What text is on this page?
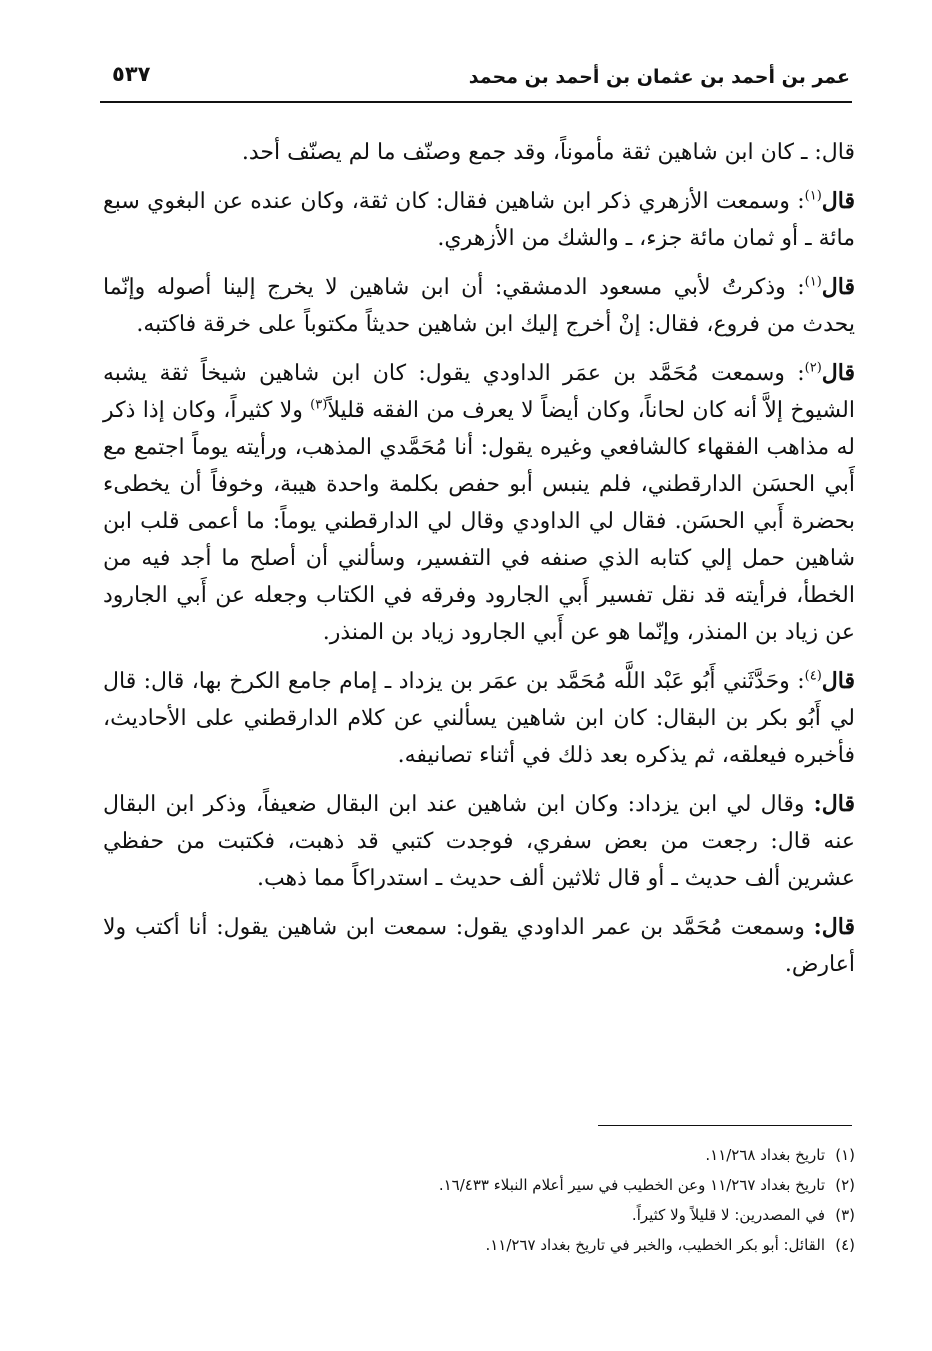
عمر بن أحمد بن عثمان بن أحمد بن محمد
٥٣٧

قال: ـ كان ابن شاهين ثقة مأموناً، وقد جمع وصنّف ما لم يصنّف أحد.

قال$^{(١)}$: وسمعت الأزهري ذكر ابن شاهين فقال: كان ثقة، وكان عنده عن البغوي سبع مائة ـ أو ثمان مائة جزء، ـ والشك من الأزهري.

قال$^{(١)}$: وذكرتُ لأبي مسعود الدمشقي: أن ابن شاهين لا يخرج إلينا أصوله وإنّما يحدث من فروع، فقال: إنْ أخرج إليك ابن شاهين حديثاً مكتوباً على خرقة فاكتبه.

قال$^{(٢)}$: وسمعت مُحَمَّد بن عمَر الداودي يقول: كان ابن شاهين شيخاً ثقة يشبه الشيوخ إلاَّ أنه كان لحاناً، وكان أيضاً لا يعرف من الفقه قليلاً$^{(٣)}$ ولا كثيراً، وكان إذا ذكر له مذاهب الفقهاء كالشافعي وغيره يقول: أنا مُحَمَّدي المذهب، ورأيته يوماً اجتمع مع أَبي الحسَن الدارقطني، فلم ينبس أبو حفص بكلمة واحدة هيبة، وخوفاً أن يخطىء بحضرة أَبي الحسَن. فقال لي الداودي وقال لي الدارقطني يوماً: ما أعمى قلب ابن شاهين حمل إلي كتابه الذي صنفه في التفسير، وسألني أن أصلح ما أجد فيه من الخطأ، فرأيته قد نقل تفسير أَبي الجارود وفرقه في الكتاب وجعله عن أَبي الجارود عن زياد بن المنذر، وإنّما هو عن أَبي الجارود زياد بن المنذر.

قال$^{(٤)}$: وحَدَّثَني أَبُو عَبْد اللَّه مُحَمَّد بن عمَر بن يزداد ـ إمام جامع الكرخ بها، قال: قال لي أَبُو بكر بن البقال: كان ابن شاهين يسألني عن كلام الدارقطني على الأحاديث، فأخبره فيعلقه، ثم يذكره بعد ذلك في أثناء تصانيفه.

قال: وقال لي ابن يزداد: وكان ابن شاهين عند ابن البقال ضعيفاً، وذكر ابن البقال عنه قال: رجعت من بعض سفري، فوجدت كتبي قد ذهبت، فكتبت من حفظي عشرين ألف حديث ـ أو قال ثلاثين ألف حديث ـ استدراكاً مما ذهب.

قال: وسمعت مُحَمَّد بن عمر الداودي يقول: سمعت ابن شاهين يقول: أنا أكتب ولا أعارض.

(١)
تاريخ بغداد ١١/٢٦٨.
(٢)
تاريخ بغداد ١١/٢٦٧ وعن الخطيب في سير أعلام النبلاء ١٦/٤٣٣.
(٣)
في المصدرين: لا قليلاً ولا كثيراً.
(٤)
القائل: أبو بكر الخطيب، والخبر في تاريخ بغداد ١١/٢٦٧.
